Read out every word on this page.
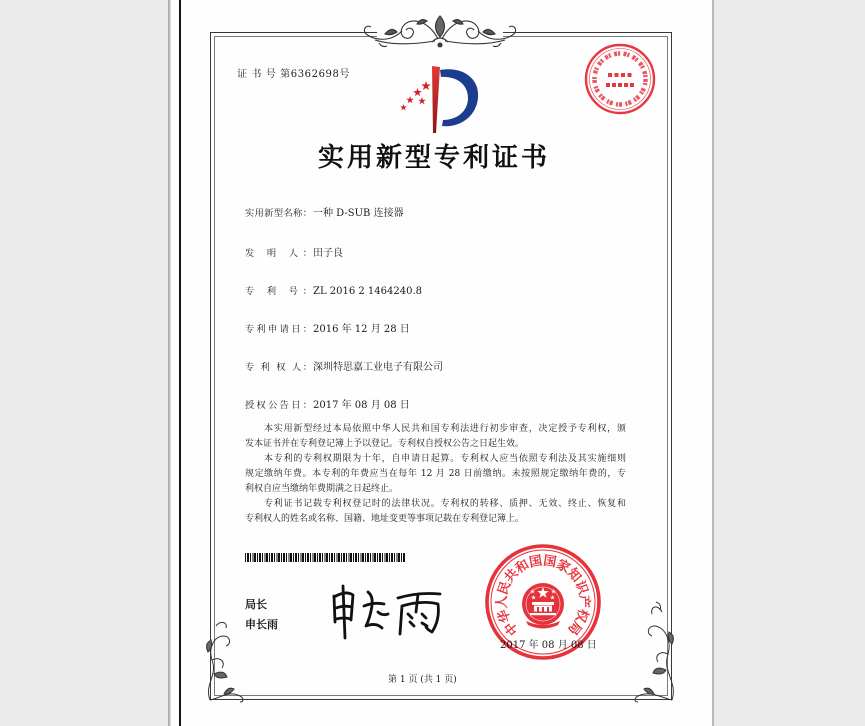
证 书 号 第6362698号
实用新型专利证书
实用新型名称： 一种 D-SUB 连接器
发 明 人： 田子良
专 利 号： ZL 2016 2 1464240.8
专利申请日： 2016 年 12 月 28 日
专 利 权 人： 深圳特思嘉工业电子有限公司
授权公告日： 2017 年 08 月 08 日
本实用新型经过本局依照中华人民共和国专利法进行初步审查，决定授予专利权，颁
发本证书并在专利登记簿上予以登记。专利权自授权公告之日起生效。
本专利的专利权期限为十年，自申请日起算。专利权人应当依照专利法及其实施细则
规定缴纳年费。本专利的年费应当在每年 12 月 28 日前缴纳。未按照规定缴纳年费的，专
利权自应当缴纳年费期满之日起终止。
专利证书记载专利权登记时的法律状况。专利权的转移、质押、无效、终止、恢复和
专利权人的姓名或名称、国籍、地址变更等事项记载在专利登记簿上。
局长
申长雨
2017 年 08 月 08 日
中华人民共和国国家知识产权局
第 1 页 (共 1 页)
